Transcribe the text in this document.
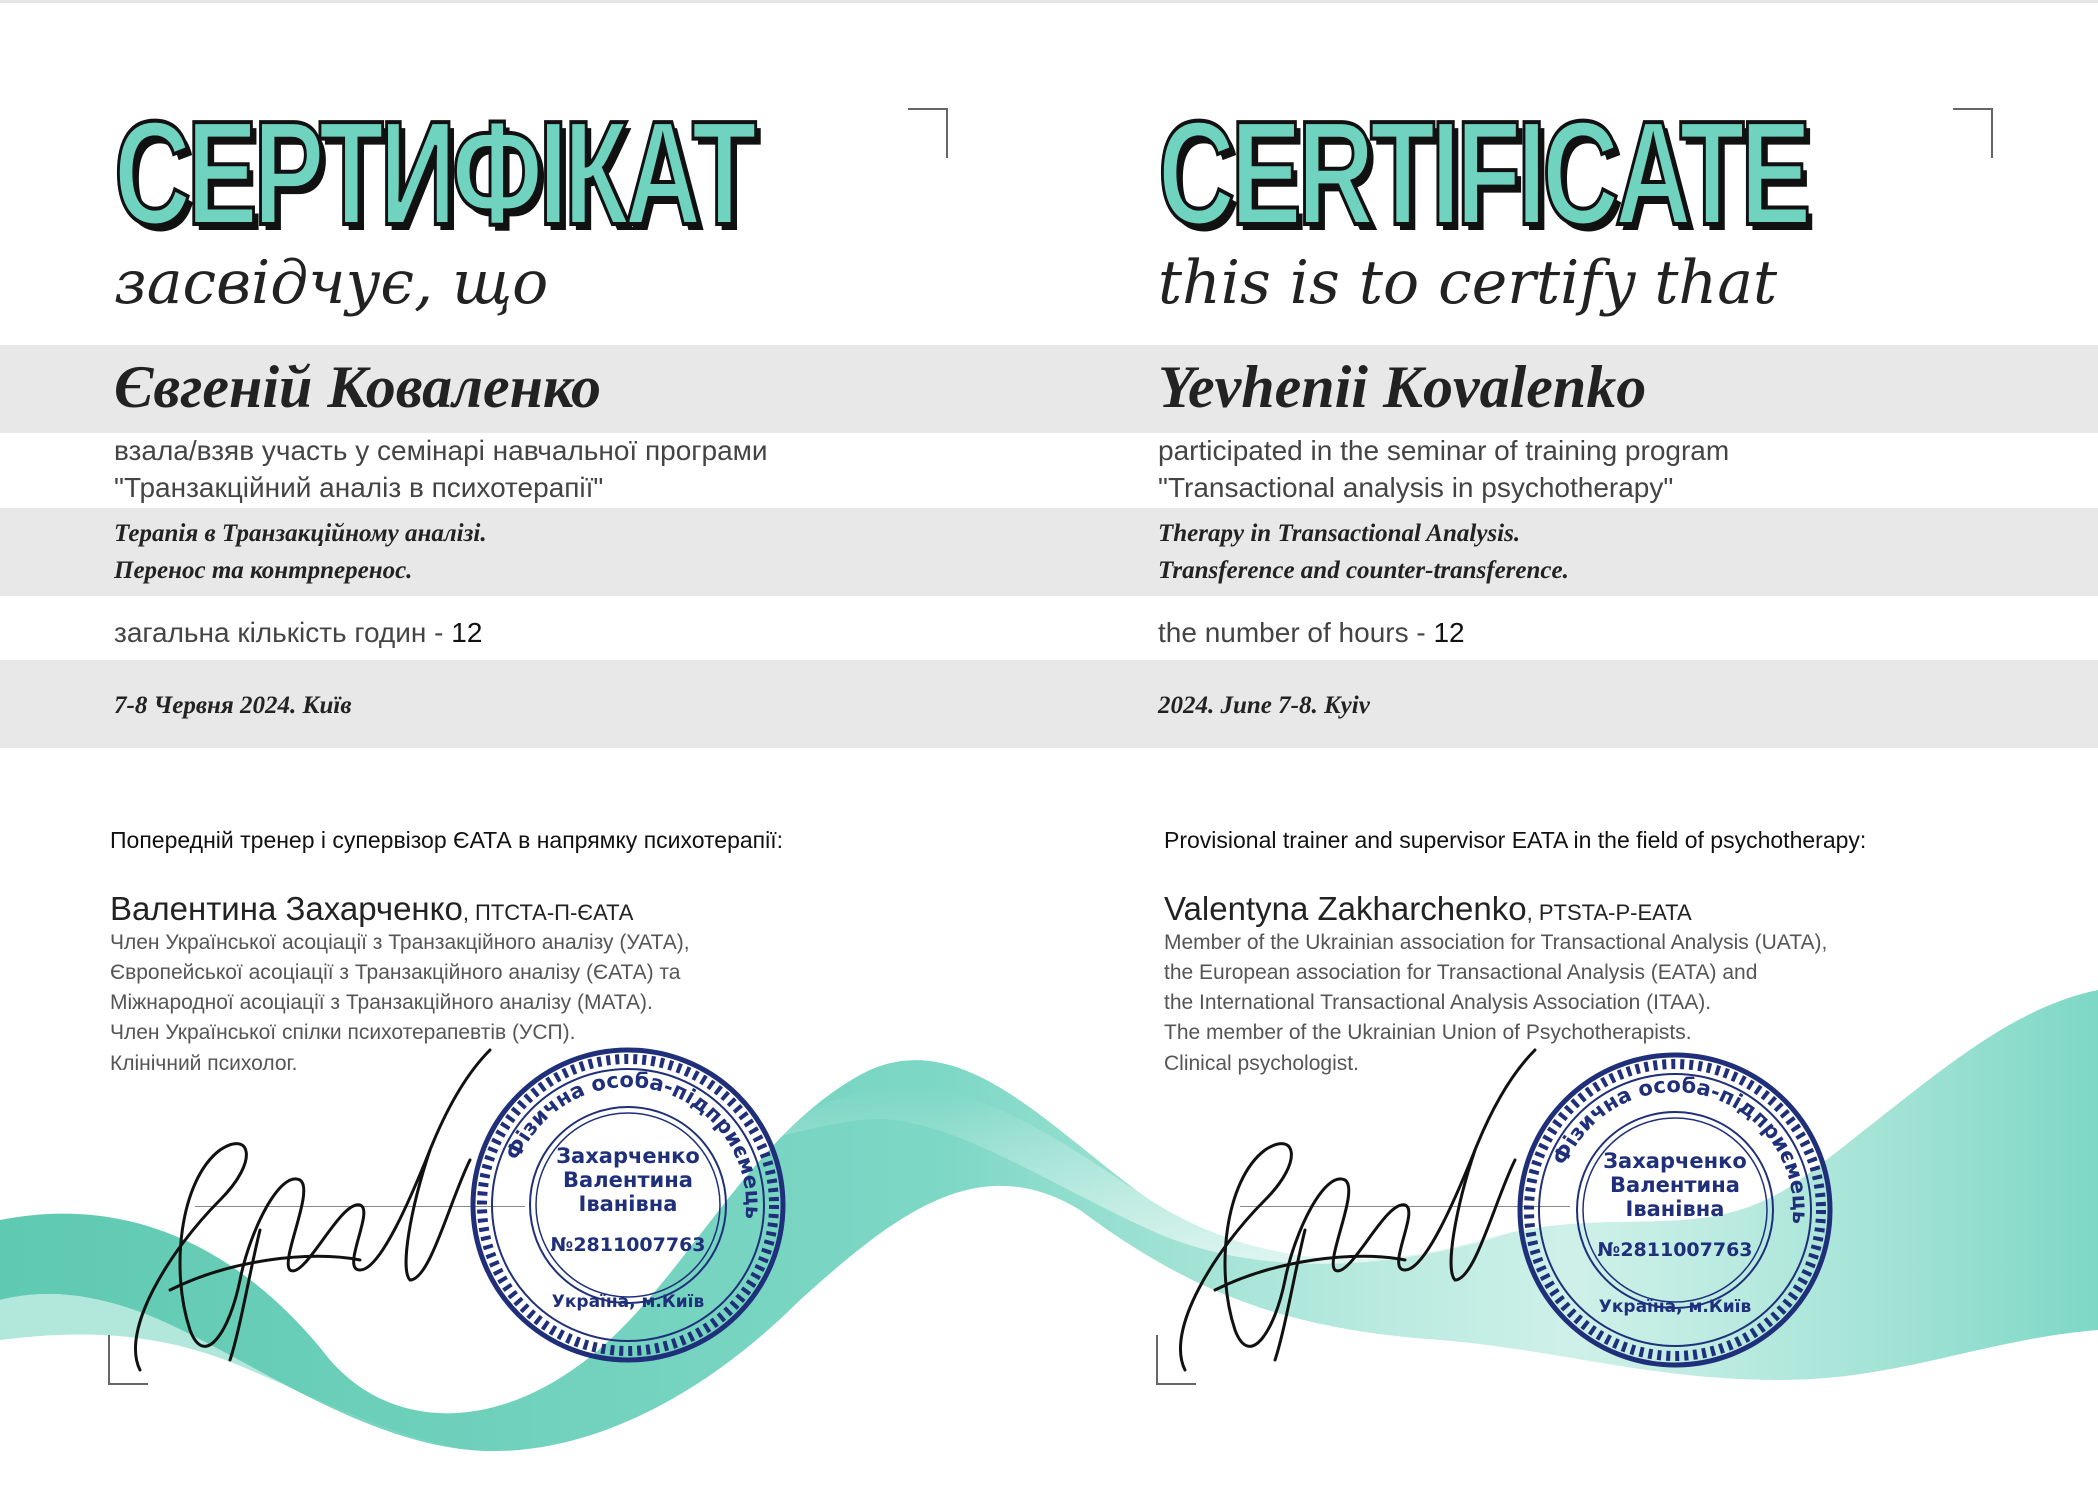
СЕРТИФІКАТ
засвідчує, що
Євгеній Коваленко
взала/взяв участь у семінарі навчальної програми
"Транзакційний аналіз в психотерапії"
Терапія в Транзакційному аналізі.
Перенос та контрперенос.
загальна кількість годин - 12
7-8 Червня 2024. Київ
Попередній тренер і супервізор ЄАТА в напрямку психотерапії:
Валентина Захарченко, ПТСТА-П-ЄАТА
Член Української асоціації з Транзакційного аналізу (УАТА),
Європейської асоціації з Транзакційного аналізу (ЄАТА) та
Міжнародної асоціації з Транзакційного аналізу (МАТА).
Член Української спілки психотерапевтів (УСП).
Клінічний психолог.
Фізична особа-підприємець
Захарченко
Валентина
Іванівна
№2811007763
Україна, м.Київ
CERTIFICATE
this is to certify that
Yevhenii Kovalenko
participated in the seminar of training program
"Transactional analysis in psychotherapy"
Therapy in Transactional Analysis.
Transference and counter-transference.
the number of hours - 12
2024. June 7-8. Kyiv
Provisional trainer and supervisor EATA in the field of psychotherapy:
Valentyna Zakharchenko, PTSTA-P-EATA
Member of the Ukrainian association for Transactional Analysis (UATA),
the European association for Transactional Analysis (EATA) and
the International Transactional Analysis Association (ITAA).
The member of the Ukrainian Union of Psychotherapists.
Clinical psychologist.
Фізична особа-підприємець
Захарченко
Валентина
Іванівна
№2811007763
Україна, м.Київ
